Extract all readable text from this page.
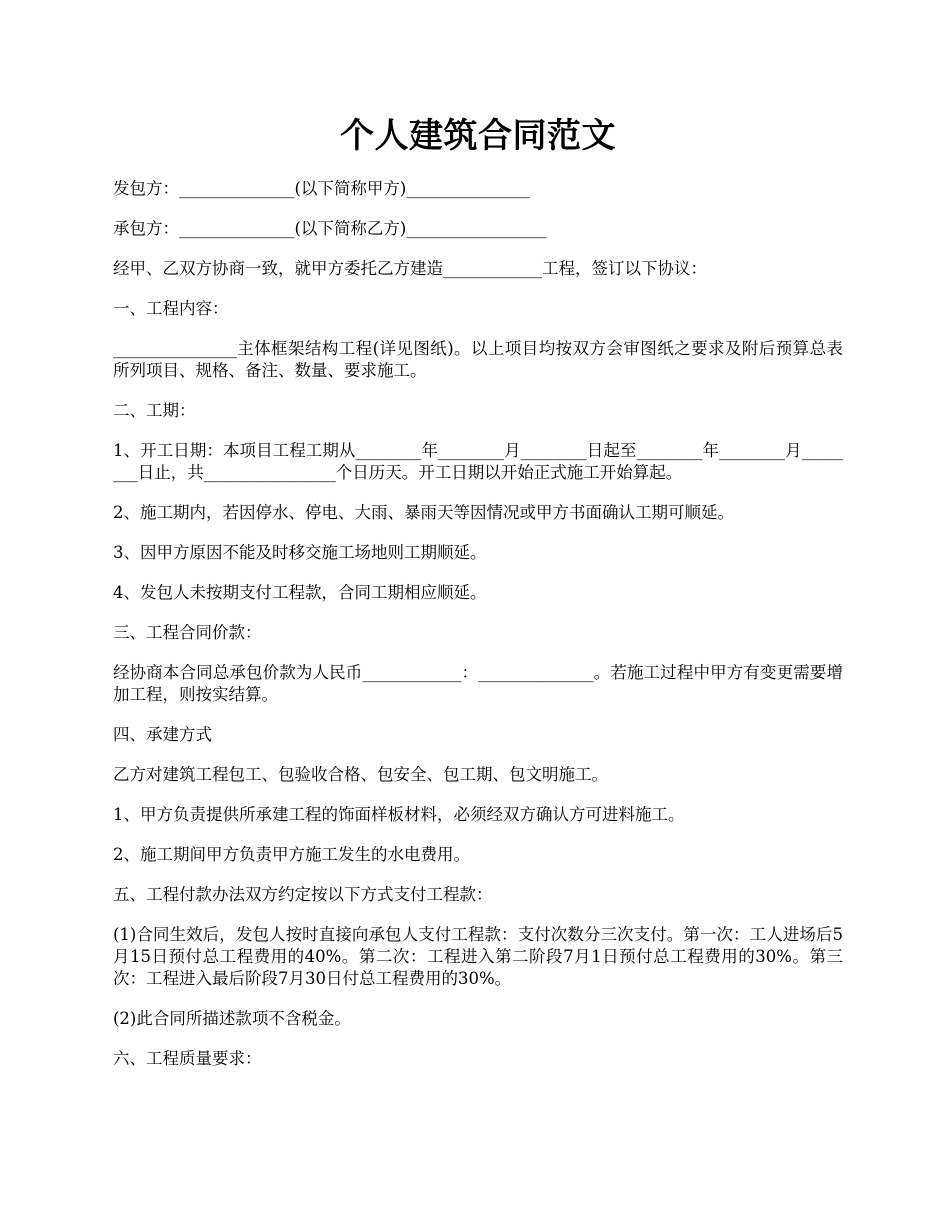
个人建筑合同范文

发包方：______________(以下简称甲方)_______________

承包方：______________(以下简称乙方)_________________

经甲、乙双方协商一致，就甲方委托乙方建造____________工程，签订以下协议：

一、工程内容：

_______________主体框架结构工程(详见图纸)。以上项目均按双方会审图纸之要求及附后预算总表所列项目、规格、备注、数量、要求施工。

二、工期：

1、开工日期：本项目工程工期从________年________月________日起至________年________月________日止，共________________个日历天。开工日期以开始正式施工开始算起。

2、施工期内，若因停水、停电、大雨、暴雨天等因情况或甲方书面确认工期可顺延。

3、因甲方原因不能及时移交施工场地则工期顺延。

4、发包人未按期支付工程款，合同工期相应顺延。

三、工程合同价款：

经协商本合同总承包价款为人民币____________：______________。若施工过程中甲方有变更需要增加工程，则按实结算。

四、承建方式

乙方对建筑工程包工、包验收合格、包安全、包工期、包文明施工。

1、甲方负责提供所承建工程的饰面样板材料，必须经双方确认方可进料施工。

2、施工期间甲方负责甲方施工发生的水电费用。

五、工程付款办法双方约定按以下方式支付工程款：

(1)合同生效后，发包人按时直接向承包人支付工程款：支付次数分三次支付。第一次：工人进场后5月15日预付总工程费用的40%。第二次：工程进入第二阶段7月1日预付总工程费用的30%。第三次：工程进入最后阶段7月30日付总工程费用的30%。

(2)此合同所描述款项不含税金。

六、工程质量要求：
